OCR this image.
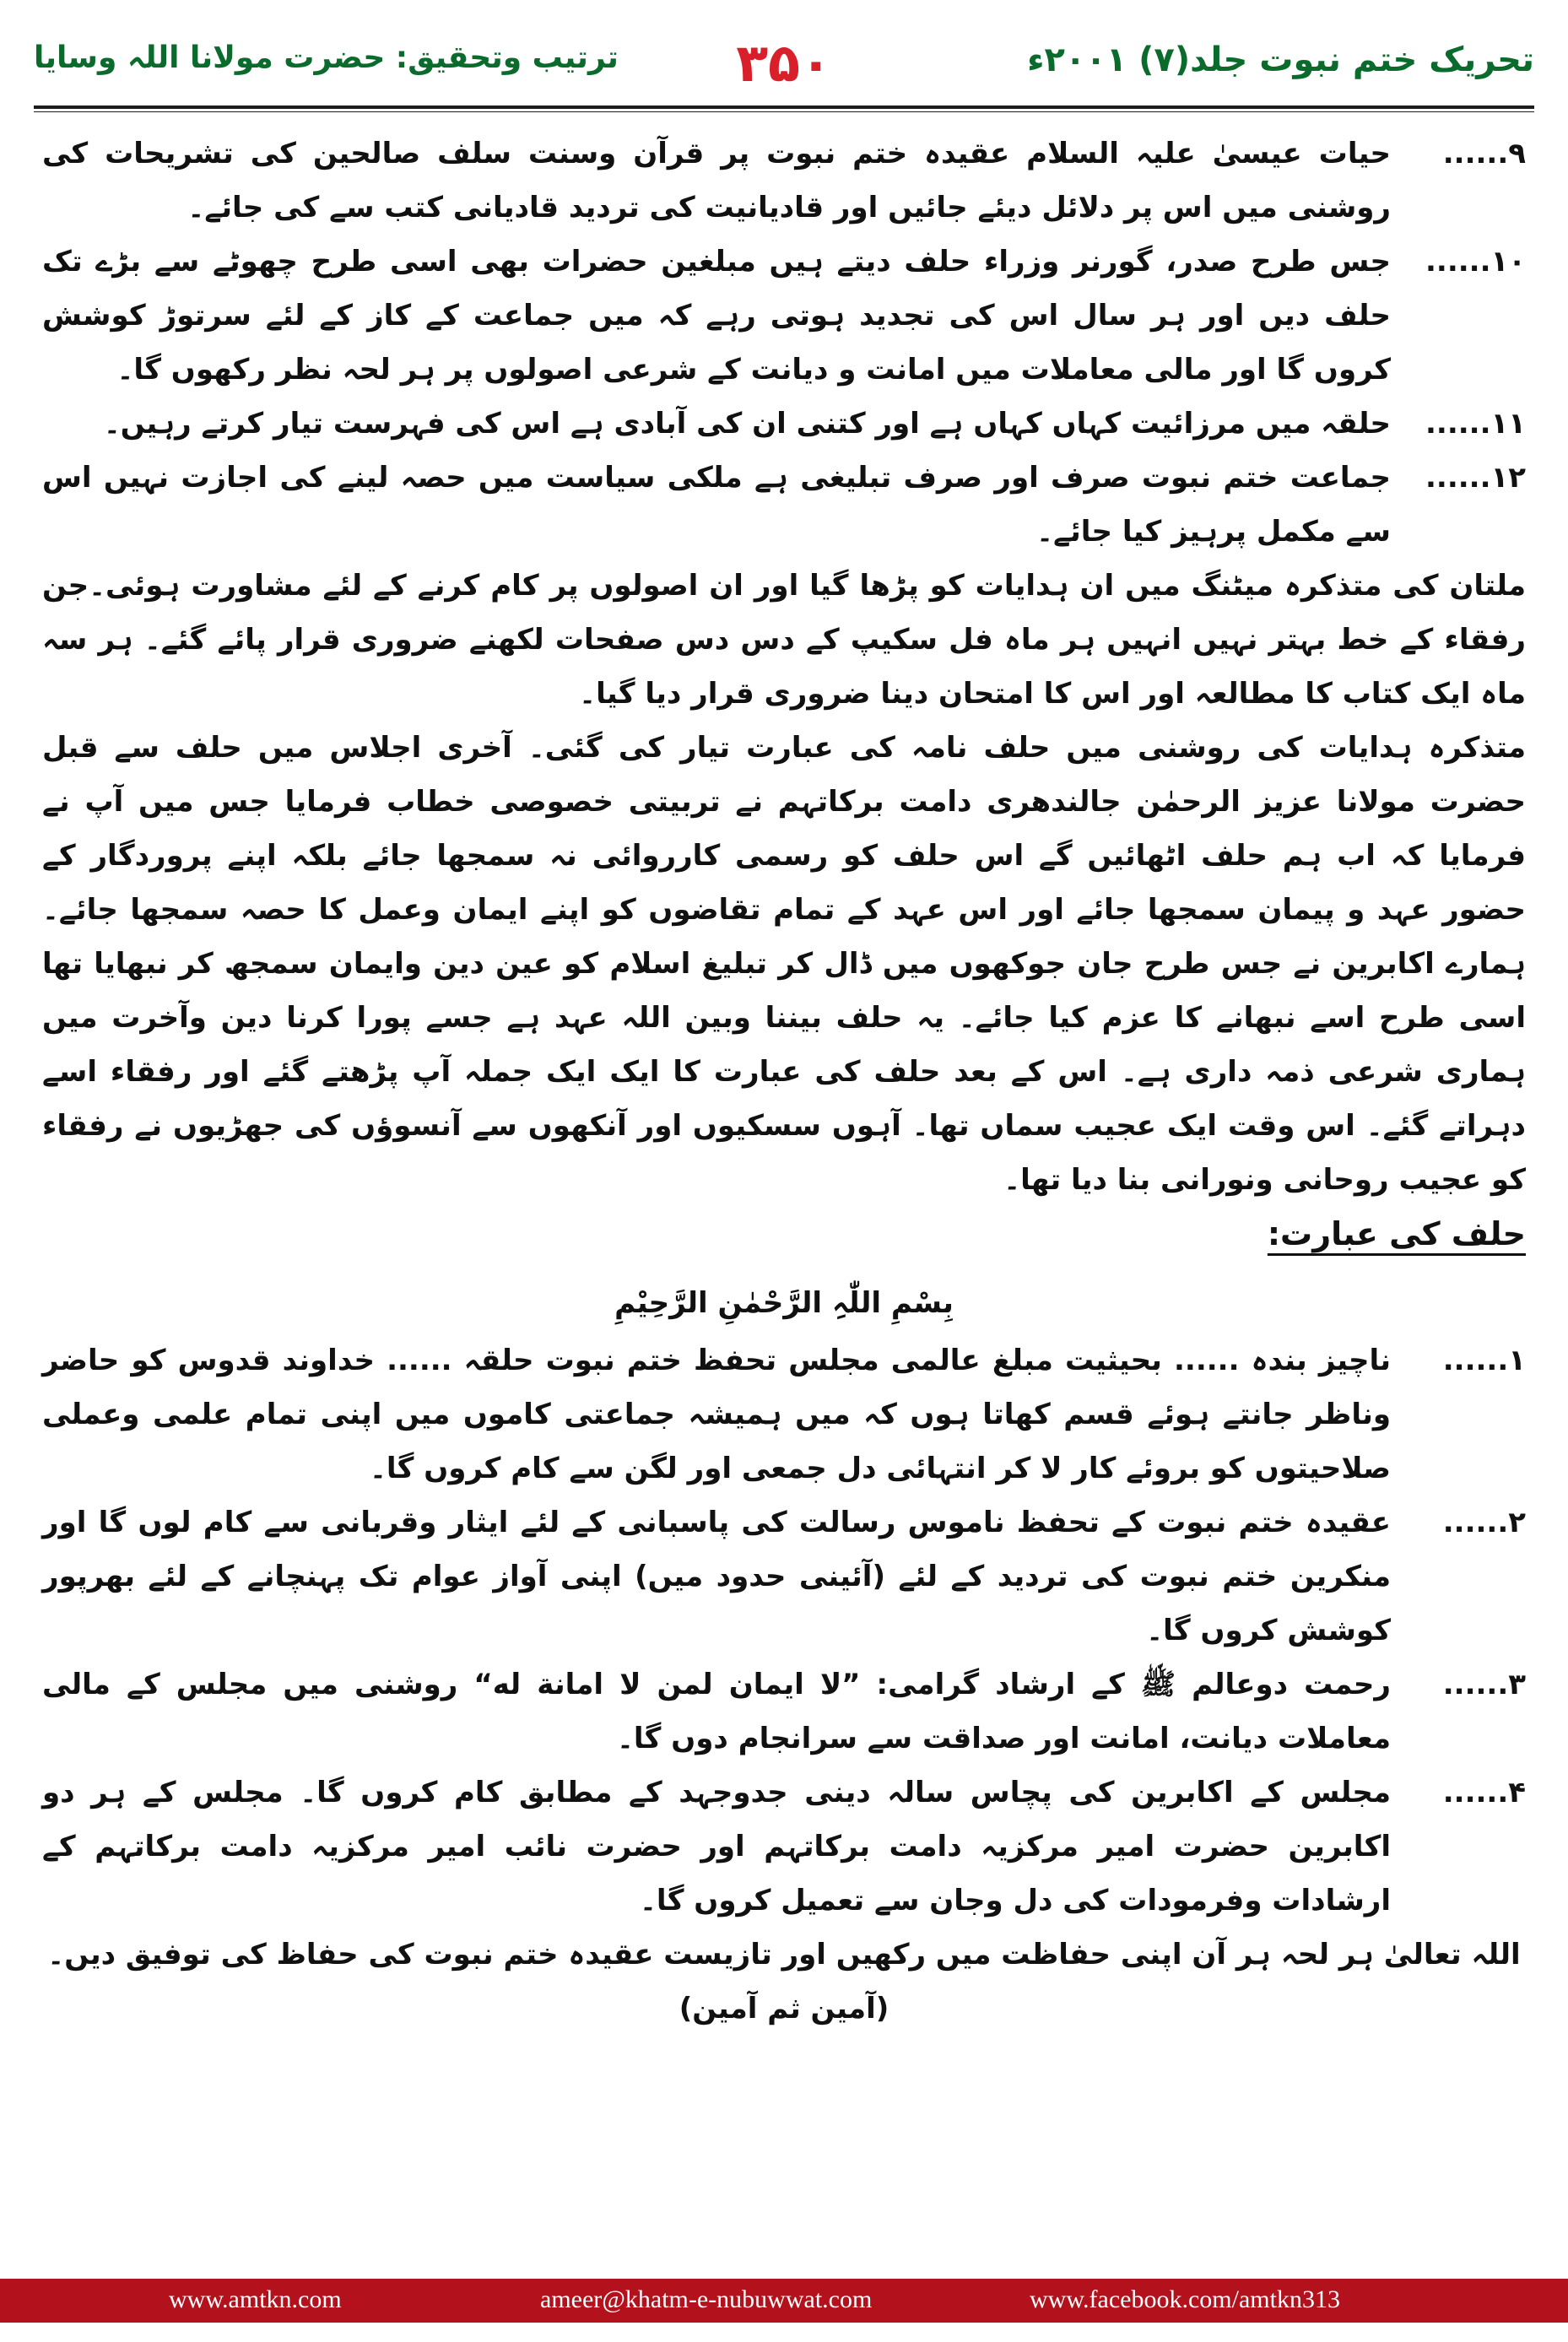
تحریک ختم نبوت جلد(۷) ۲۰۰۱ء
۳۵۰
ترتیب وتحقیق: حضرت مولانا اللہ وسایا
۹......
حیات عیسیٰ علیہ السلام عقیدہ ختم نبوت پر قرآن وسنت سلف صالحین کی تشریحات کی روشنی میں اس پر دلائل دیئے جائیں اور قادیانیت کی تردید قادیانی کتب سے کی جائے۔
۱۰......
جس طرح صدر، گورنر وزراء حلف دیتے ہیں مبلغین حضرات بھی اسی طرح چھوٹے سے بڑے تک حلف دیں اور ہر سال اس کی تجدید ہوتی رہے کہ میں جماعت کے کاز کے لئے سرتوڑ کوشش کروں گا اور مالی معاملات میں امانت و دیانت کے شرعی اصولوں پر ہر لحہ نظر رکھوں گا۔
۱۱......
حلقہ میں مرزائیت کہاں کہاں ہے اور کتنی ان کی آبادی ہے اس کی فہرست تیار کرتے رہیں۔
۱۲......
جماعت ختم نبوت صرف اور صرف تبلیغی ہے ملکی سیاست میں حصہ لینے کی اجازت نہیں اس سے مکمل پرہیز کیا جائے۔

ملتان کی متذکرہ میٹنگ میں ان ہدایات کو پڑھا گیا اور ان اصولوں پر کام کرنے کے لئے مشاورت ہوئی۔جن رفقاء کے خط بہتر نہیں انہیں ہر ماہ فل سکیپ کے دس دس صفحات لکھنے ضروری قرار پائے گئے۔ ہر سہ ماہ ایک کتاب کا مطالعہ اور اس کا امتحان دینا ضروری قرار دیا گیا۔

متذکرہ ہدایات کی روشنی میں حلف نامہ کی عبارت تیار کی گئی۔ آخری اجلاس میں حلف سے قبل حضرت مولانا عزیز الرحمٰن جالندھری دامت برکاتہم نے تربیتی خصوصی خطاب فرمایا جس میں آپ نے فرمایا کہ اب ہم حلف اٹھائیں گے اس حلف کو رسمی کارروائی نہ سمجھا جائے بلکہ اپنے پروردگار کے حضور عہد و پیمان سمجھا جائے اور اس عہد کے تمام تقاضوں کو اپنے ایمان وعمل کا حصہ سمجھا جائے۔ ہمارے اکابرین نے جس طرح جان جوکھوں میں ڈال کر تبلیغ اسلام کو عین دین وایمان سمجھ کر نبھایا تھا اسی طرح اسے نبھانے کا عزم کیا جائے۔ یہ حلف بیننا وبین اللہ عہد ہے جسے پورا کرنا دین وآخرت میں ہماری شرعی ذمہ داری ہے۔ اس کے بعد حلف کی عبارت کا ایک ایک جملہ آپ پڑھتے گئے اور رفقاء اسے دہراتے گئے۔ اس وقت ایک عجیب سماں تھا۔ آہوں سسکیوں اور آنکھوں سے آنسوؤں کی جھڑیوں نے رفقاء کو عجیب روحانی ونورانی بنا دیا تھا۔

حلف کی عبارت:

بِسْمِ اللّٰہِ الرَّحْمٰنِ الرَّحِیْمِ
۱......
ناچیز بندہ ...... بحیثیت مبلغ عالمی مجلس تحفظ ختم نبوت حلقہ ...... خداوند قدوس کو حاضر وناظر جانتے ہوئے قسم کھاتا ہوں کہ میں ہمیشہ جماعتی کاموں میں اپنی تمام علمی وعملی صلاحیتوں کو بروئے کار لا کر انتہائی دل جمعی اور لگن سے کام کروں گا۔
۲......
عقیدہ ختم نبوت کے تحفظ ناموس رسالت کی پاسبانی کے لئے ایثار وقربانی سے کام لوں گا اور منکرین ختم نبوت کی تردید کے لئے (آئینی حدود میں) اپنی آواز عوام تک پہنچانے کے لئے بھرپور کوشش کروں گا۔
۳......
رحمت دوعالم ﷺ کے ارشاد گرامی: ”لا ایمان لمن لا امانة له“ روشنی میں مجلس کے مالی معاملات دیانت، امانت اور صداقت سے سرانجام دوں گا۔
۴......
مجلس کے اکابرین کی پچاس سالہ دینی جدوجہد کے مطابق کام کروں گا۔ مجلس کے ہر دو اکابرین حضرت امیر مرکزیہ دامت برکاتہم اور حضرت نائب امیر مرکزیہ دامت برکاتہم کے ارشادات وفرمودات کی دل وجان سے تعمیل کروں گا۔

اللہ تعالیٰ ہر لحہ ہر آن اپنی حفاظت میں رکھیں اور تازیست عقیدہ ختم نبوت کی حفاظ کی توفیق دیں۔ (آمین ثم آمین)

www.amtkn.com	ameer@khatm-e-nubuwwat.com	www.facebook.com/amtkn313
